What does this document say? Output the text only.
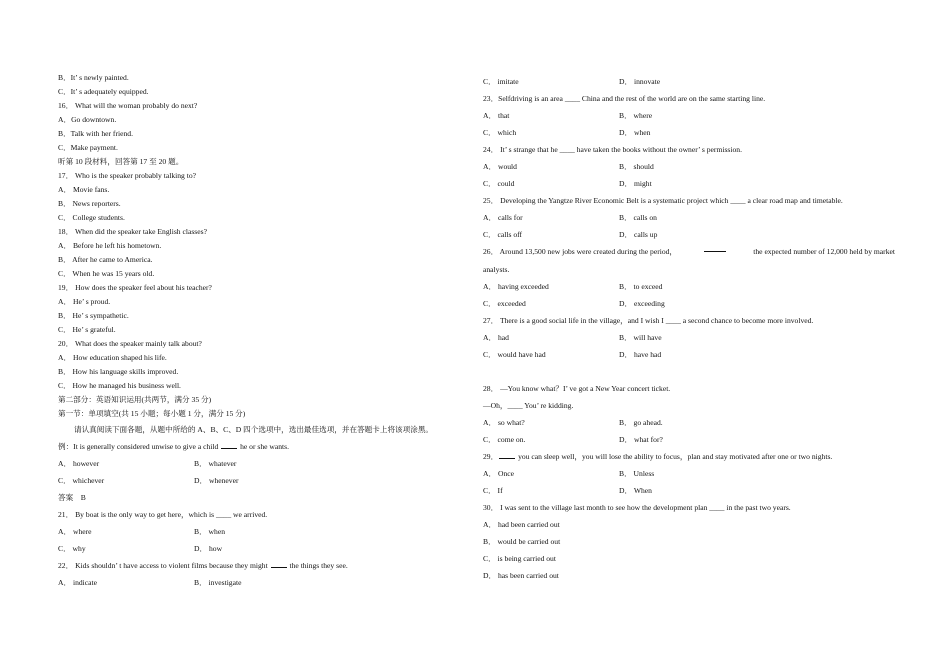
B．It’ s newly painted.
C．It’ s adequately equipped.
16． What will the woman probably do next?
A．Go downtown.
B．Talk with her friend.
C．Make payment.
听第 10 段材料，回答第 17 至 20 题。
17． Who is the speaker probably talking to?
A． Movie fans.
B． News reporters.
C． College students.
18． When did the speaker take English classes?
A． Before he left his hometown.
B． After he came to America.
C． When he was 15 years old.
19． How does the speaker feel about his teacher?
A． He’ s proud.
B． He’ s sympathetic.
C． He’ s grateful.
20． What does the speaker mainly talk about?
A． How education shaped his life.
B． How his language skills improved.
C． How he managed his business well.
第二部分：英语知识运用(共两节，满分 35 分)
第一节：单项填空(共 15 小题；每小题 1 分，满分 15 分)
请认真阅读下面各题，从题中所给的 A、B、C、D 四个选项中，选出最佳选项，并在答题卡上将该项涂黑。
例：It is generally considered unwise to give a child	he or she wants.
A． however	B． whatever
C． whichever	D． whenever
答案　B
21． By boat is the only way to get here，which is ____ we arrived.
A． where	B． when
C． why	D． how
22． Kids shouldn’ t have access to violent films because they might	the things they see.
A． indicate	B． investigate
C． imitate	D． innovate
23．Selfdriving is an area ____ China and the rest of the world are on the same starting line.
A． that	B． where
C． which	D． when
24． It’ s strange that he ____ have taken the books without the owner’ s permission.
A． would	B． should
C． could	D． might
25． Developing the Yangtze River Economic Belt is a systematic project which ____ a clear road map and timetable.
A． calls for	B． calls on
C． calls off	D． calls up
26． Around 13,500 new jobs were created during the period，	the expected number of 12,000 held by market
analysts.
A． having exceeded	B． to exceed
C． exceeded	D． exceeding
27． There is a good social life in the village，and I wish I ____ a second chance to become more involved.
A． had	B． will have
C． would have had	D． have had
28． —You know what？I’ ve got a New Year concert ticket.
—Oh，____ You’ re kidding.
A． so what?	B． go ahead.
C． come on.	D． what for?
29．	you can sleep well，you will lose the ability to focus，plan and stay motivated after one or two nights.
A． Once	B． Unless
C． If	D． When
30． I was sent to the village last month to see how the development plan ____ in the past two years.
A． had been carried out
B． would be carried out
C． is being carried out
D． has been carried out
